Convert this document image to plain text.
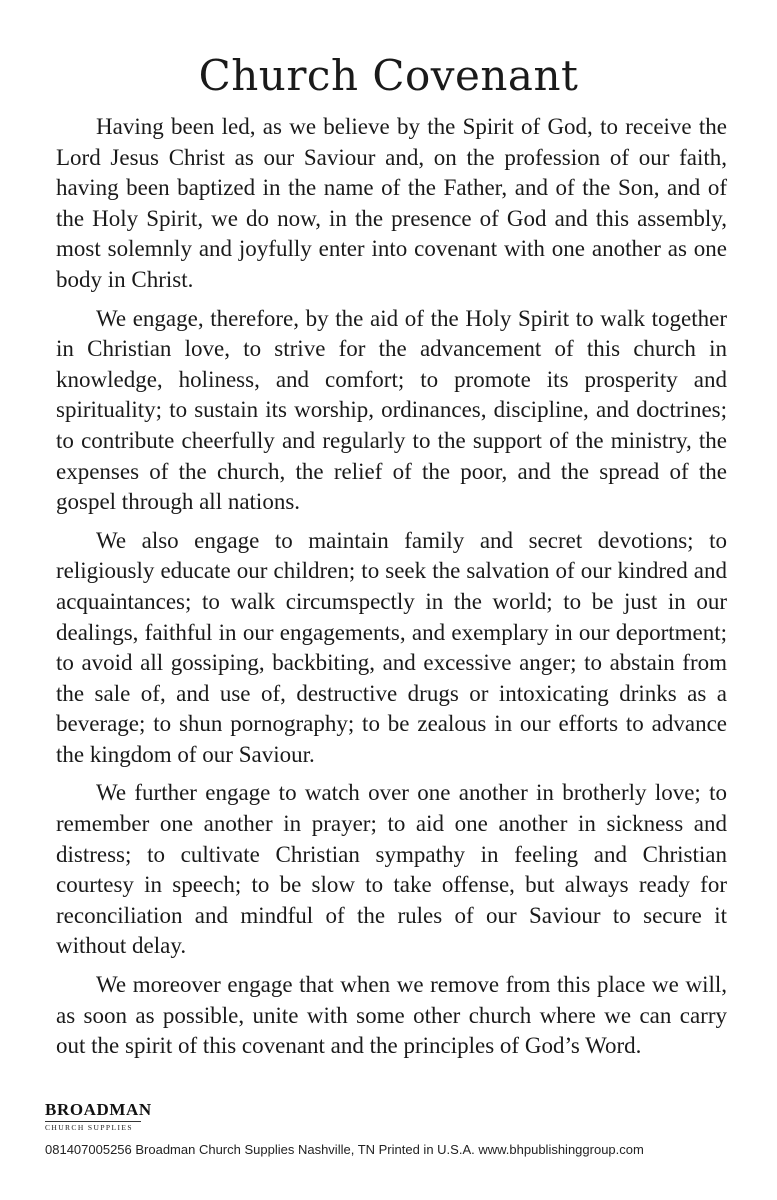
Church Covenant

Having been led, as we believe by the Spirit of God, to receive the Lord Jesus Christ as our Saviour and, on the profession of our faith, having been baptized in the name of the Father, and of the Son, and of the Holy Spirit, we do now, in the presence of God and this assembly, most solemnly and joyfully enter into covenant with one another as one body in Christ.

We engage, therefore, by the aid of the Holy Spirit to walk together in Christian love, to strive for the advancement of this church in knowledge, holiness, and comfort; to promote its prosperity and spirituality; to sustain its worship, ordinances, discipline, and doctrines; to contribute cheerfully and regularly to the support of the ministry, the expenses of the church, the relief of the poor, and the spread of the gospel through all nations.

We also engage to maintain family and secret devotions; to religiously educate our children; to seek the salvation of our kindred and acquaintances; to walk circumspectly in the world; to be just in our dealings, faithful in our engagements, and exemplary in our deportment; to avoid all gossiping, backbiting, and excessive anger; to abstain from the sale of, and use of, destructive drugs or intoxicating drinks as a beverage; to shun pornography; to be zealous in our efforts to advance the kingdom of our Saviour.

We further engage to watch over one another in brotherly love; to remember one another in prayer; to aid one another in sickness and distress; to cultivate Christian sympathy in feeling and Christian courtesy in speech; to be slow to take offense, but always ready for reconciliation and mindful of the rules of our Saviour to secure it without delay.

We moreover engage that when we remove from this place we will, as soon as possible, unite with some other church where we can carry out the spirit of this covenant and the principles of God’s Word.

BROADMAN
CHURCH SUPPLIES
081407005256 Broadman Church Supplies Nashville, TN Printed in U.S.A. www.bhpublishinggroup.com
